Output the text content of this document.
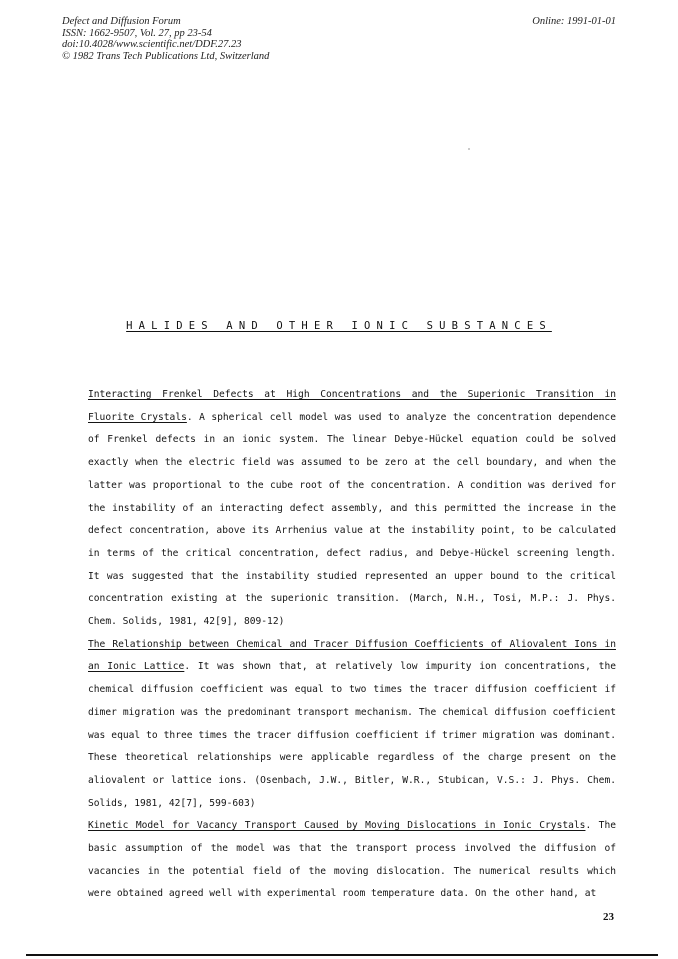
Defect and Diffusion Forum
ISSN: 1662-9507, Vol. 27, pp 23-54
doi:10.4028/www.scientific.net/DDF.27.23
© 1982 Trans Tech Publications Ltd, Switzerland
Online: 1991-01-01
HALIDES AND OTHER IONIC SUBSTANCES

Interacting Frenkel Defects at High Concentrations and the Superionic Transition in Fluorite Crystals. A spherical cell model was used to analyze the concentration dependence of Frenkel defects in an ionic system. The linear Debye-Hückel equation could be solved exactly when the electric field was assumed to be zero at the cell boundary, and when the latter was proportional to the cube root of the concentration. A condition was derived for the instability of an interacting defect assembly, and this permitted the increase in the defect concentration, above its Arrhenius value at the instability point, to be calculated in terms of the critical concentration, defect radius, and Debye-Hückel screening length. It was suggested that the instability studied represented an upper bound to the critical concentration existing at the superionic transition. (March, N.H., Tosi, M.P.: J. Phys. Chem. Solids, 1981, 42[9], 809-12)

The Relationship between Chemical and Tracer Diffusion Coefficients of Aliovalent Ions in an Ionic Lattice. It was shown that, at relatively low impurity ion concentrations, the chemical diffusion coefficient was equal to two times the tracer diffusion coefficient if dimer migration was the predominant transport mechanism. The chemical diffusion coefficient was equal to three times the tracer diffusion coefficient if trimer migration was dominant. These theoretical relationships were applicable regardless of the charge present on the aliovalent or lattice ions. (Osenbach, J.W., Bitler, W.R., Stubican, V.S.: J. Phys. Chem. Solids, 1981, 42[7], 599-603)

Kinetic Model for Vacancy Transport Caused by Moving Dislocations in Ionic Crystals. The basic assumption of the model was that the transport process involved the diffusion of vacancies in the potential field of the moving dislocation. The numerical results which were obtained agreed well with experimental room temperature data. On the other hand, at

23
